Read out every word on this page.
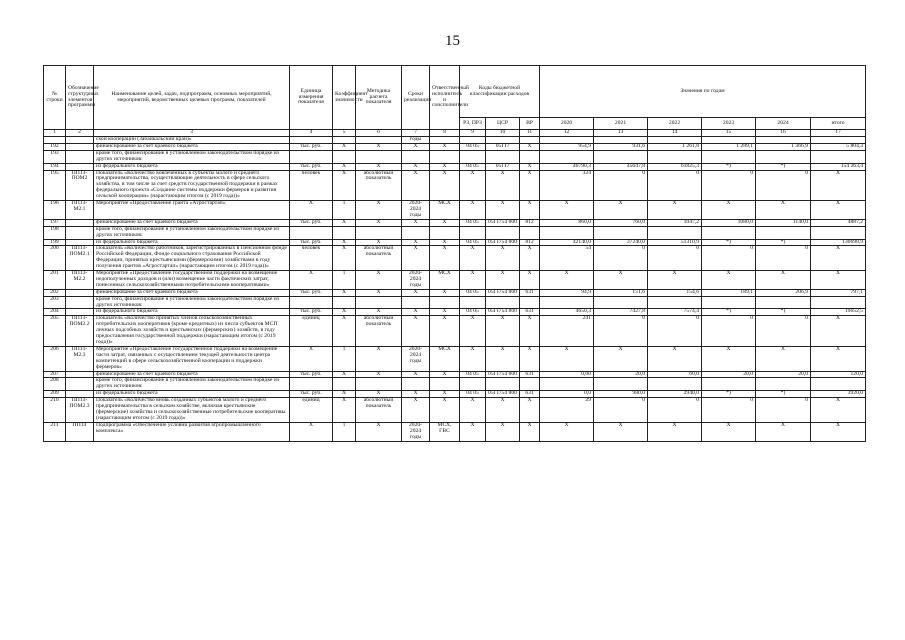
15
№ строки	Обозначение структурных элементов программы	Наименование целей, задач, подпрограмм, основных мероприятий, мероприятий, ведомственных целевых программ, показателей	Единица измерения показателя	Коэффициент значимости	Методика расчета показателя	Сроки реализации	Ответственный исполнитель и соисполнители	Коды бюджетной классификации расходов			Значения по годам					
								РЗ, ПРЗ	ЦСР	ВР	2020	2021	2022	2023	2024	итого
1	2	3	4	5	6	7	8	9	10	11	12	13	14	15	16	17
		ской кооперации (Забайкальский край)»				годы										
192		финансирование за счет краевого бюджета	тыс. руб.	X	X	X	X	04 05	05I I7	X	954,9	931,6	1 261,8	1 289,1	1 366,9	5 804,3
193		кроме того, финансирование в установленном законодательством порядке из других источников:														
194		из федерального бюджета	тыс. руб.	X	X	X	X	04 05	05I I7	X	46790,3	45647,8	61825,3	*)	*)	154 263,4
195	ПП13-ПОМ2	Показатель «Количество вовлеченных в субъекты малого и среднего предпринимательства, осуществляющие деятельность в сфере сельского хозяйства, в том числе за счет средств государственной поддержки в рамках федерального проекта «Создание системы поддержки фермеров и развития сельской кооперации» (нарастающим итогом (с 2019 года))»	человек	X	абсолютный показатель	X	X	X	X	X	324	0	0	0	0	X
196	ПП13-М2.1	Мероприятие «Предоставление гранта «Агростартап»	X	1	X	2020-2024 годы	МСХ	X	X	X	X	X	X	X	X	X
197		финансирование за счет краевого бюджета	тыс. руб.	X	X	X	X	04 05	05I I754 800	812	860,0	760,0	1047,2	1080,0	1140,0	4887,2
198		кроме того, финансирование в установленном законодательством порядке из других источников:														
199		из федерального бюджета	тыс. руб.	X	X	X	X	04 05	05I I754 800	812	42140,0	37240,0	51310,9	*)	*)	130690,9
200	ПП13-ПОМ2.1	Показатель «Количество работников, зарегистрированных в Пенсионном фонде Российской Федерации, Фонде социального страхования Российской Федерации, принятых крестьянскими (фермерскими) хозяйствами в году получения грантов «Агростартап» (нарастающим итогом (с 2019 года))»	человек	X	абсолютный показатель	X	X	X	X	X	54	0	0	0	0	X
201	ПП13-М2.2	Мероприятие «Предоставление государственной поддержки на возмещение недополученных доходов и (или) возмещение части фактических затрат, понесенных сельскохозяйственными потребительскими кооперативами»	X	1	X	2020-2024 годы	МСХ	X	X	X	X	X	X	X	X	X
202		финансирование за счет краевого бюджета	тыс. руб.	X	X	X	X	04 05	05I I754 800	631	94,9	151,6	154,6	189,1	206,9	797,1
203		кроме того, финансирование в установленном законодательством порядке из других источников:														
204		из федерального бюджета	тыс. руб.	X	X	X	X	04 05	05I I754 800	631	4650,3	7427,8	7574,4	*)	*)	19652,5
205	ПП13-ПОМ2.2	Показатель «Количество принятых членов сельскохозяйственных потребительских кооперативов (кроме кредитных) из числа субъектов МСП личных подсобных хозяйств и крестьянских (фермерских) хозяйств, в году предоставления государственной поддержки (нарастающим итогом (с 2019 года))»	единиц	X	абсолютный показатель	X	X	X	X	X	241	0	0	0	0	X
206	ПП13-М2.3	Мероприятие «Предоставление государственной поддержки на возмещение части затрат, связанных с осуществлением текущей деятельности центра компетенций в сфере сельскохозяйственной кооперации и поддержки фермеров»	X	1	X	2020-2024 годы	МСХ	X	X	X	X	X	X	X	X	X
207		финансирование за счет краевого бюджета	тыс. руб.	X	X	X	X	04 05	05I I754 800	631	0,00	20,0	60,0	20,0	20,0	120,0
208		кроме того, финансирование в установленном законодательством порядке из других источников:														
209		из федерального бюджета	тыс. руб.	X	X	X	X	04 05	05I I754 800	631	0,0	980,0	2940,0	*)	*)	3920,0
210	ПП13-ПОМ2.3	Показатель «Количество вновь созданных субъектов малого и среднего предпринимательства в сельском хозяйстве, включая крестьянские (фермерские) хозяйства и сельскохозяйственные потребительские кооперативы (нарастающим итогом (с 2019 года))»	единиц	X	абсолютный показатель	X	X	X	X	X	29	0	0	0	0	X
211	ПП14	Подпрограмма «Обеспечение условий развития агропромышленного комплекса»	X	1	X	2020-2024 годы	МСХ, ГВС	X	X	X	X	X	X	X	X	X
